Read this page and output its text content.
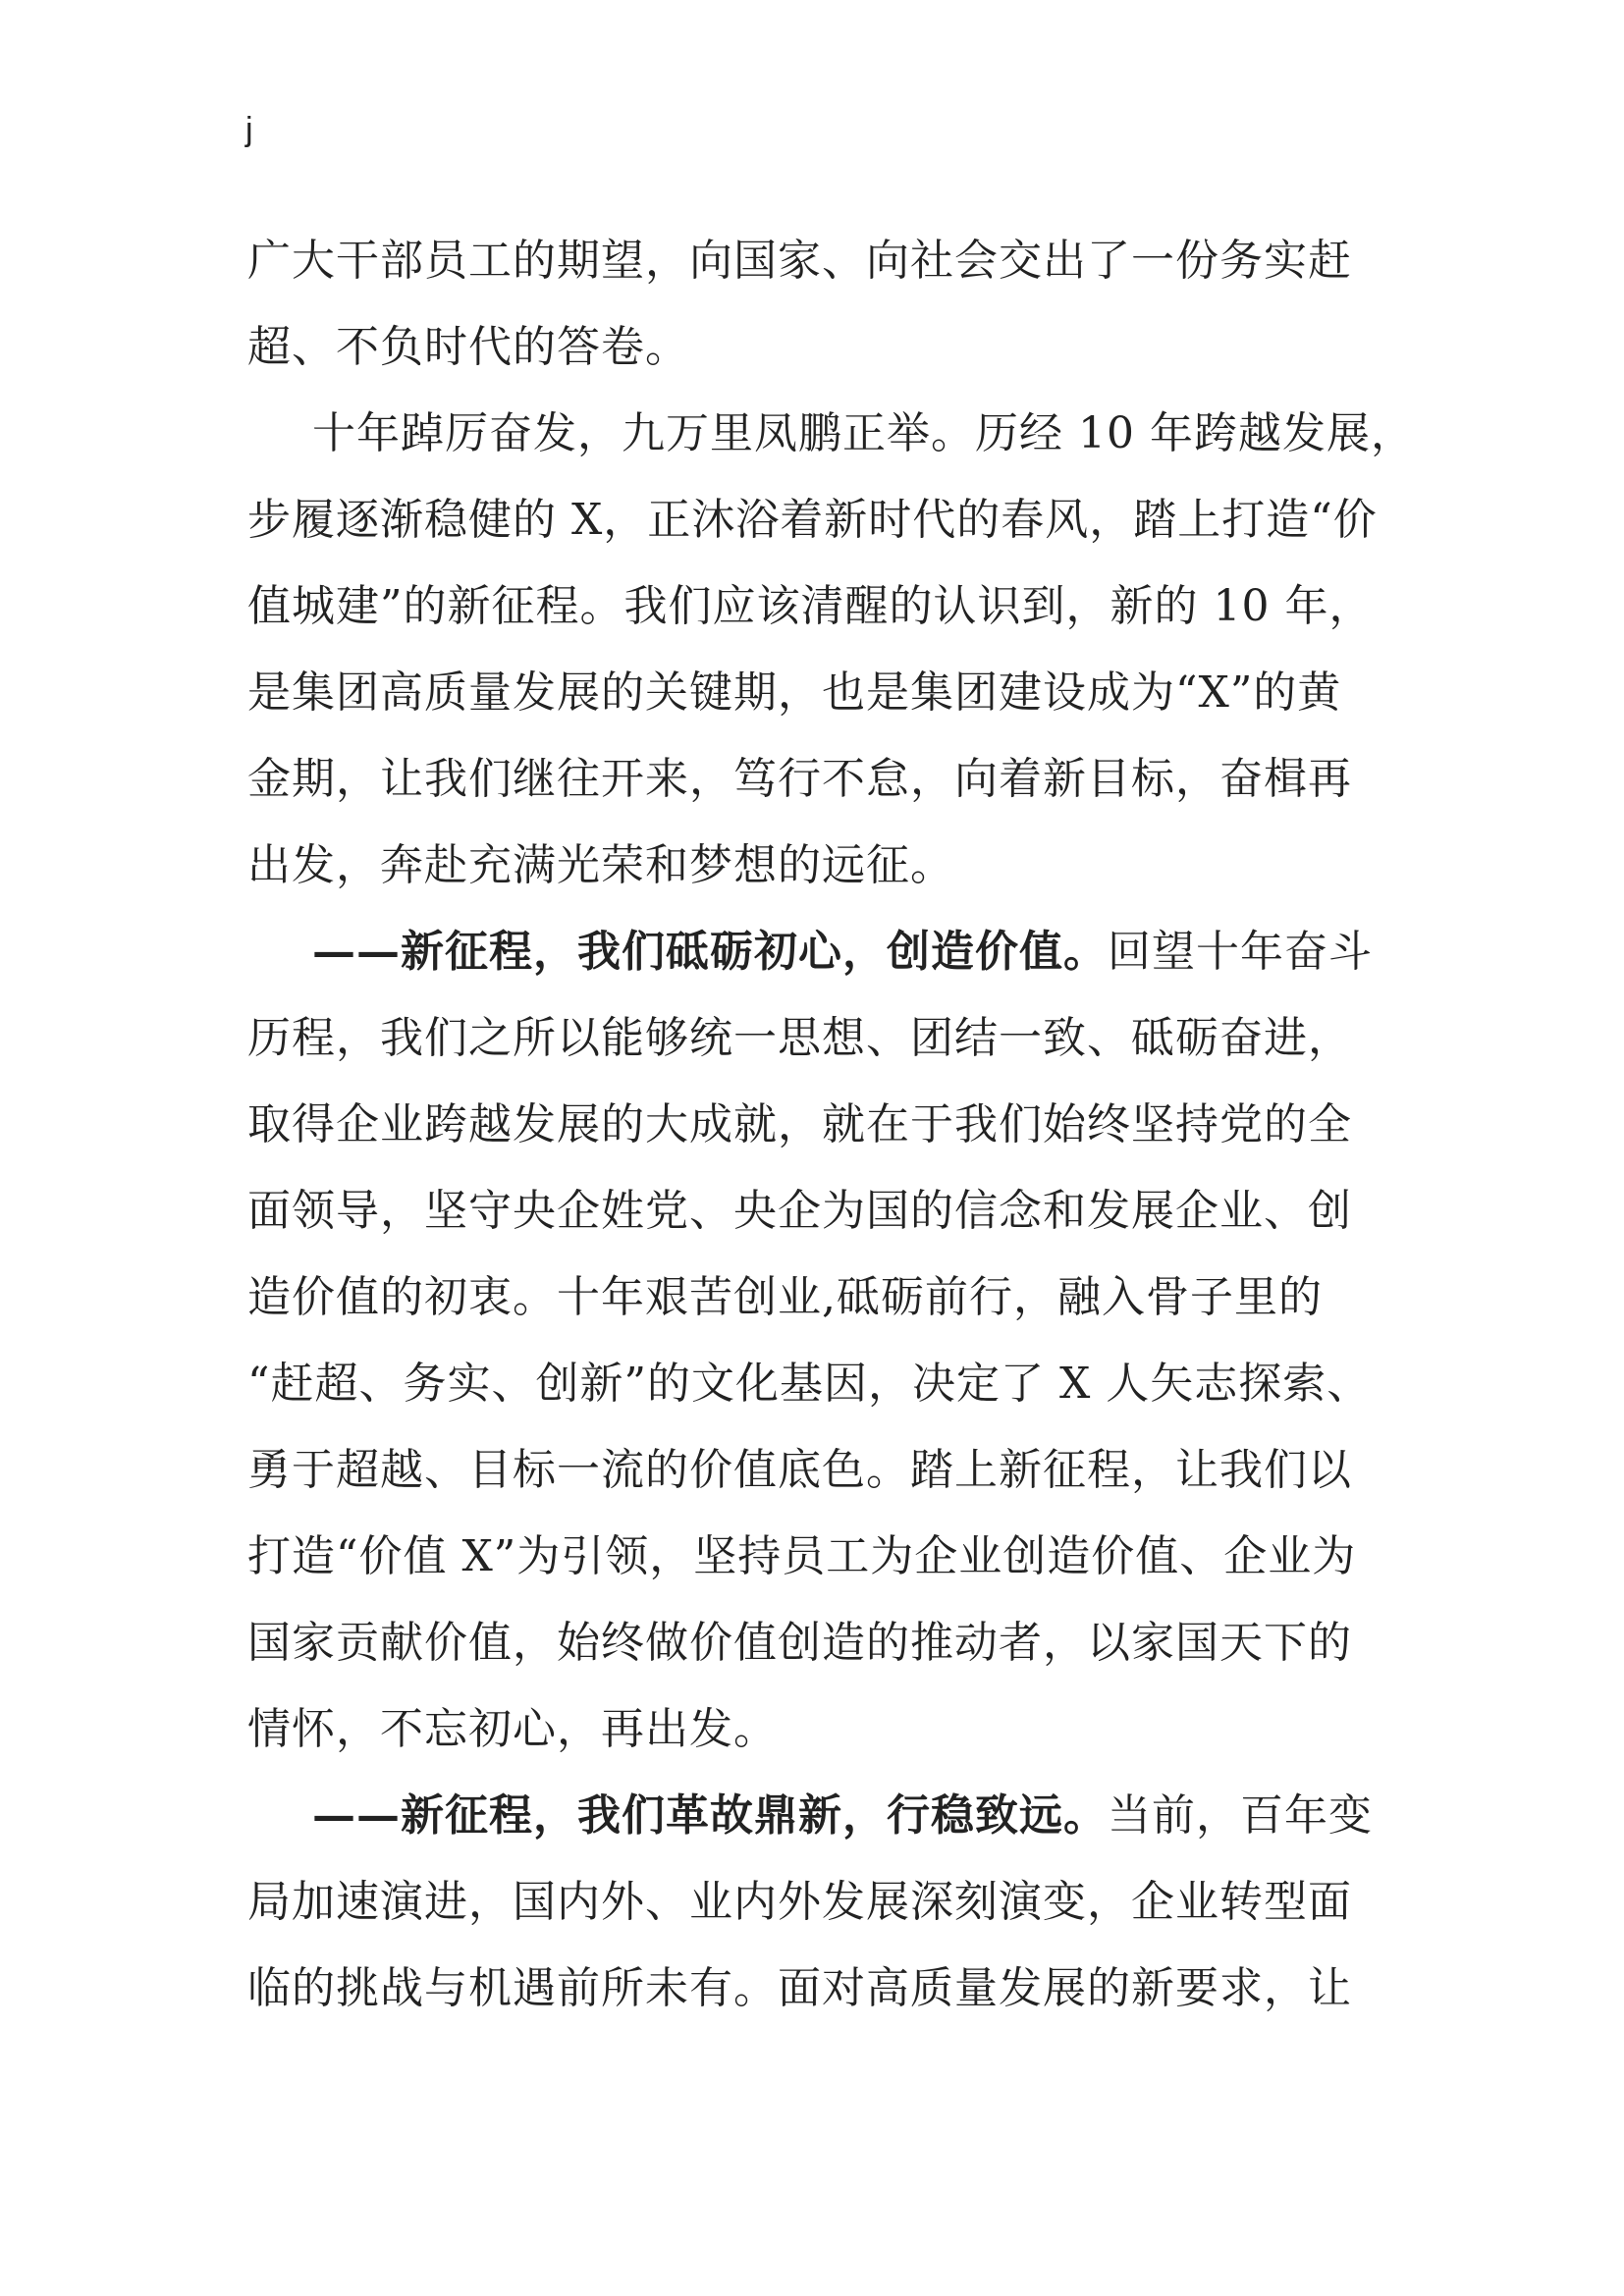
j

广大干部员工的期望，向国家、向社会交出了一份务实赶
超、不负时代的答卷。

十年踔厉奋发，九万里凤鹏正举。历经 10 年跨越发展，
步履逐渐稳健的 X，正沐浴着新时代的春风，踏上打造“价
值城建”的新征程。我们应该清醒的认识到，新的 10 年，
是集团高质量发展的关键期，也是集团建设成为“X”的黄
金期，让我们继往开来，笃行不怠，向着新目标，奋楫再
出发，奔赴充满光荣和梦想的远征。

——新征程，我们砥砺初心，创造价值。回望十年奋斗
历程，我们之所以能够统一思想、团结一致、砥砺奋进，
取得企业跨越发展的大成就，就在于我们始终坚持党的全
面领导，坚守央企姓党、央企为国的信念和发展企业、创
造价值的初衷。十年艰苦创业,砥砺前行，融入骨子里的
“赶超、务实、创新”的文化基因，决定了 X 人矢志探索、
勇于超越、目标一流的价值底色。踏上新征程，让我们以
打造“价值 X”为引领，坚持员工为企业创造价值、企业为
国家贡献价值，始终做价值创造的推动者，以家国天下的
情怀，不忘初心，再出发。

——新征程，我们革故鼎新，行稳致远。当前，百年变
局加速演进，国内外、业内外发展深刻演变，企业转型面
临的挑战与机遇前所未有。面对高质量发展的新要求，让
